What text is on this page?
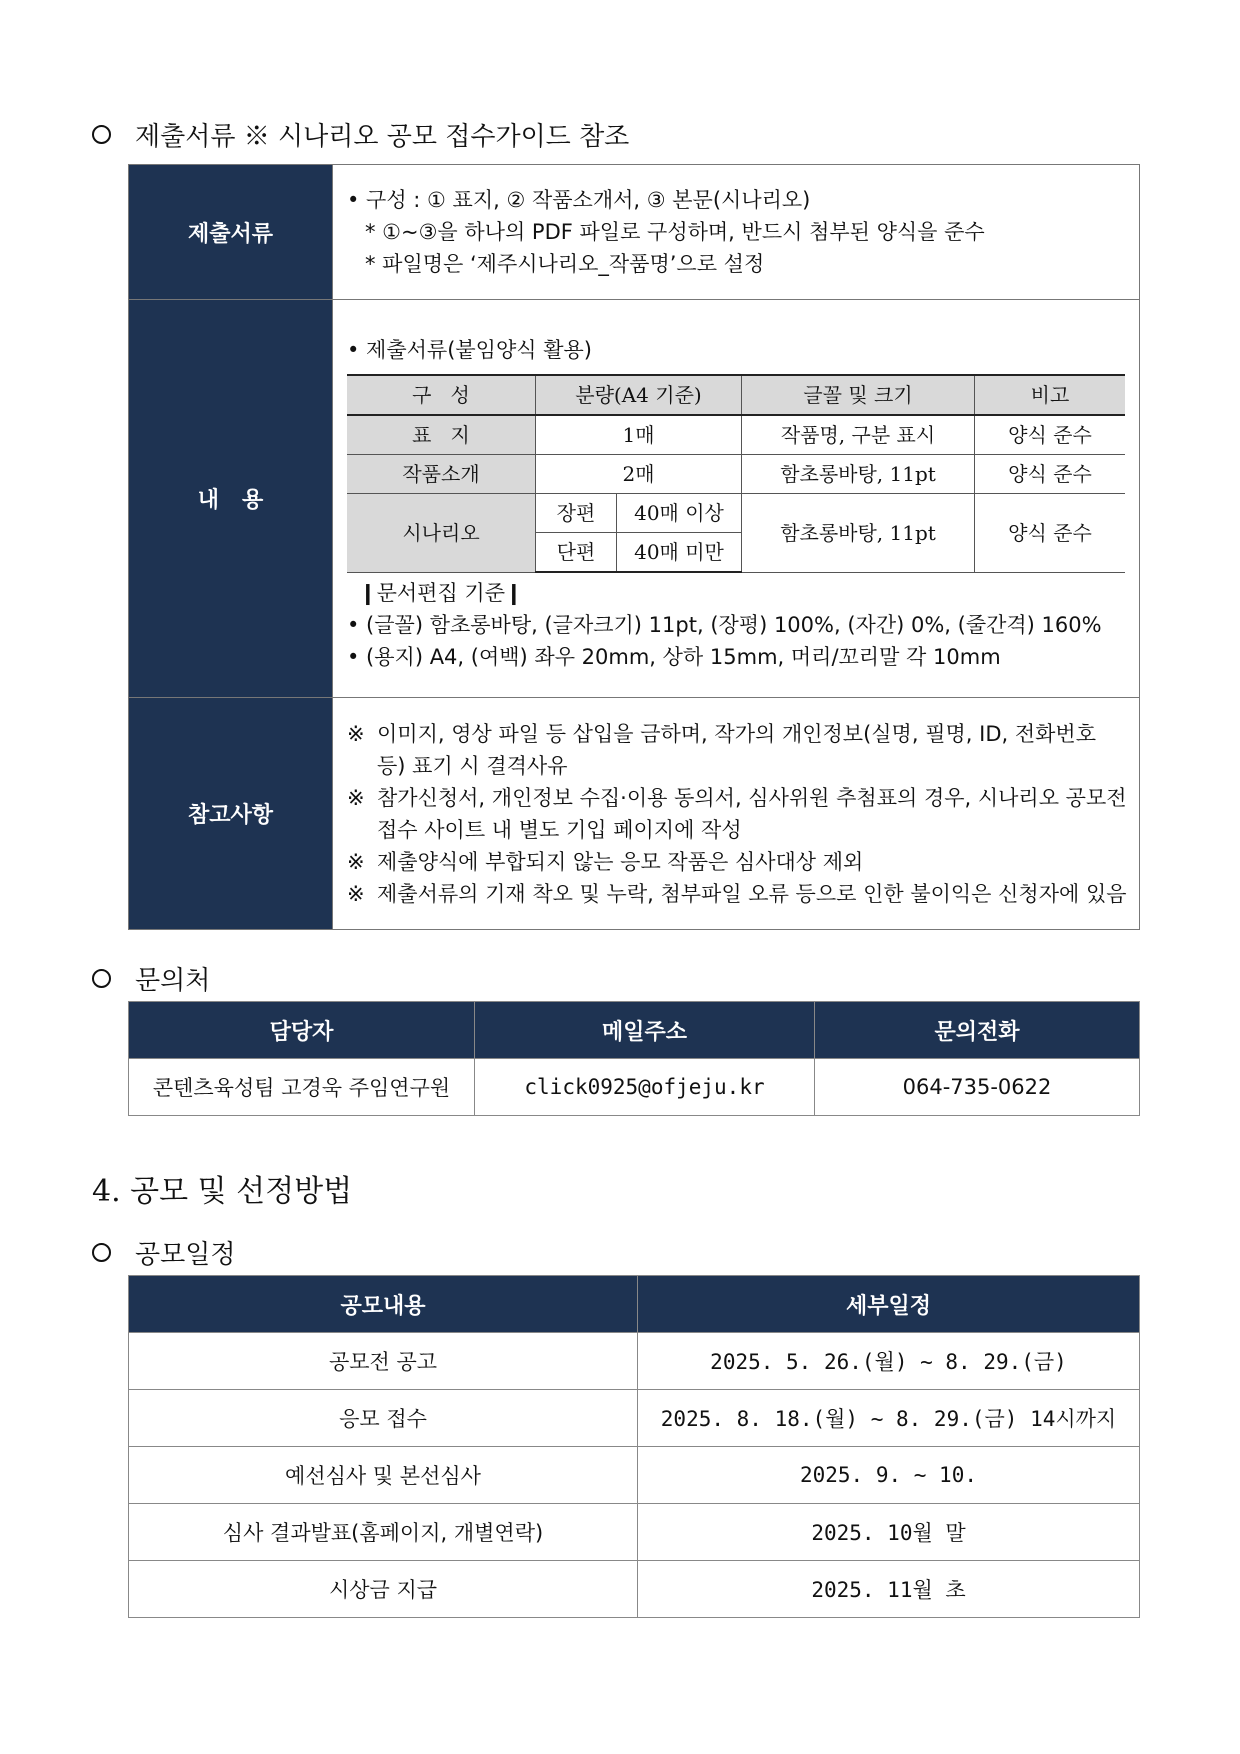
제출서류 ※ 시나리오 공모 접수가이드 참조
제출서류	
• 구성 : ① 표지, ② 작품소개서, ③ 본문(시나리오)
* ①~③을 하나의 PDF 파일로 구성하며, 반드시 첨부된 양식을 준수
* 파일명은 ‘제주시나리오_작품명’으로 설정

내   용	
• 제출서류(붙임양식 활용)
구   성	분량(A4 기준)	글꼴 및 크기	비고
표   지	1매	작품명, 구분 표시	양식 준수
작품소개	2매	함초롱바탕, 11pt	양식 준수
시나리오	장편	40매 이상	함초롱바탕, 11pt	양식 준수
단편	40매 미만
❙문서편집 기준❙
• (글꼴) 함초롱바탕, (글자크기) 11pt, (장평) 100%, (자간) 0%, (줄간격) 160%
• (용지) A4, (여백) 좌우 20mm, 상하 15mm, 머리/꼬리말 각 10mm

참고사항	
※ 이미지, 영상 파일 등 삽입을 금하며, 작가의 개인정보(실명, 필명, ID, 전화번호 등) 표기 시 결격사유
※ 참가신청서, 개인정보 수집·이용 동의서, 심사위원 추첨표의 경우, 시나리오 공모전 접수 사이트 내 별도 기입 페이지에 작성
※ 제출양식에 부합되지 않는 응모 작품은 심사대상 제외
※ 제출서류의 기재 착오 및 누락, 첨부파일 오류 등으로 인한 불이익은 신청자에 있음
문의처
담당자	메일주소	문의전화
콘텐츠육성팀 고경욱 주임연구원	click0925@ofjeju.kr	064-735-0622
4. 공모 및 선정방법
공모일정
공모내용	세부일정
공모전 공고	2025. 5. 26.(월) ~ 8. 29.(금)
응모 접수	2025. 8. 18.(월) ~ 8. 29.(금) 14시까지
예선심사 및 본선심사	2025. 9. ~ 10.
심사 결과발표(홈페이지, 개별연락)	2025. 10월 말
시상금 지급	2025. 11월 초
